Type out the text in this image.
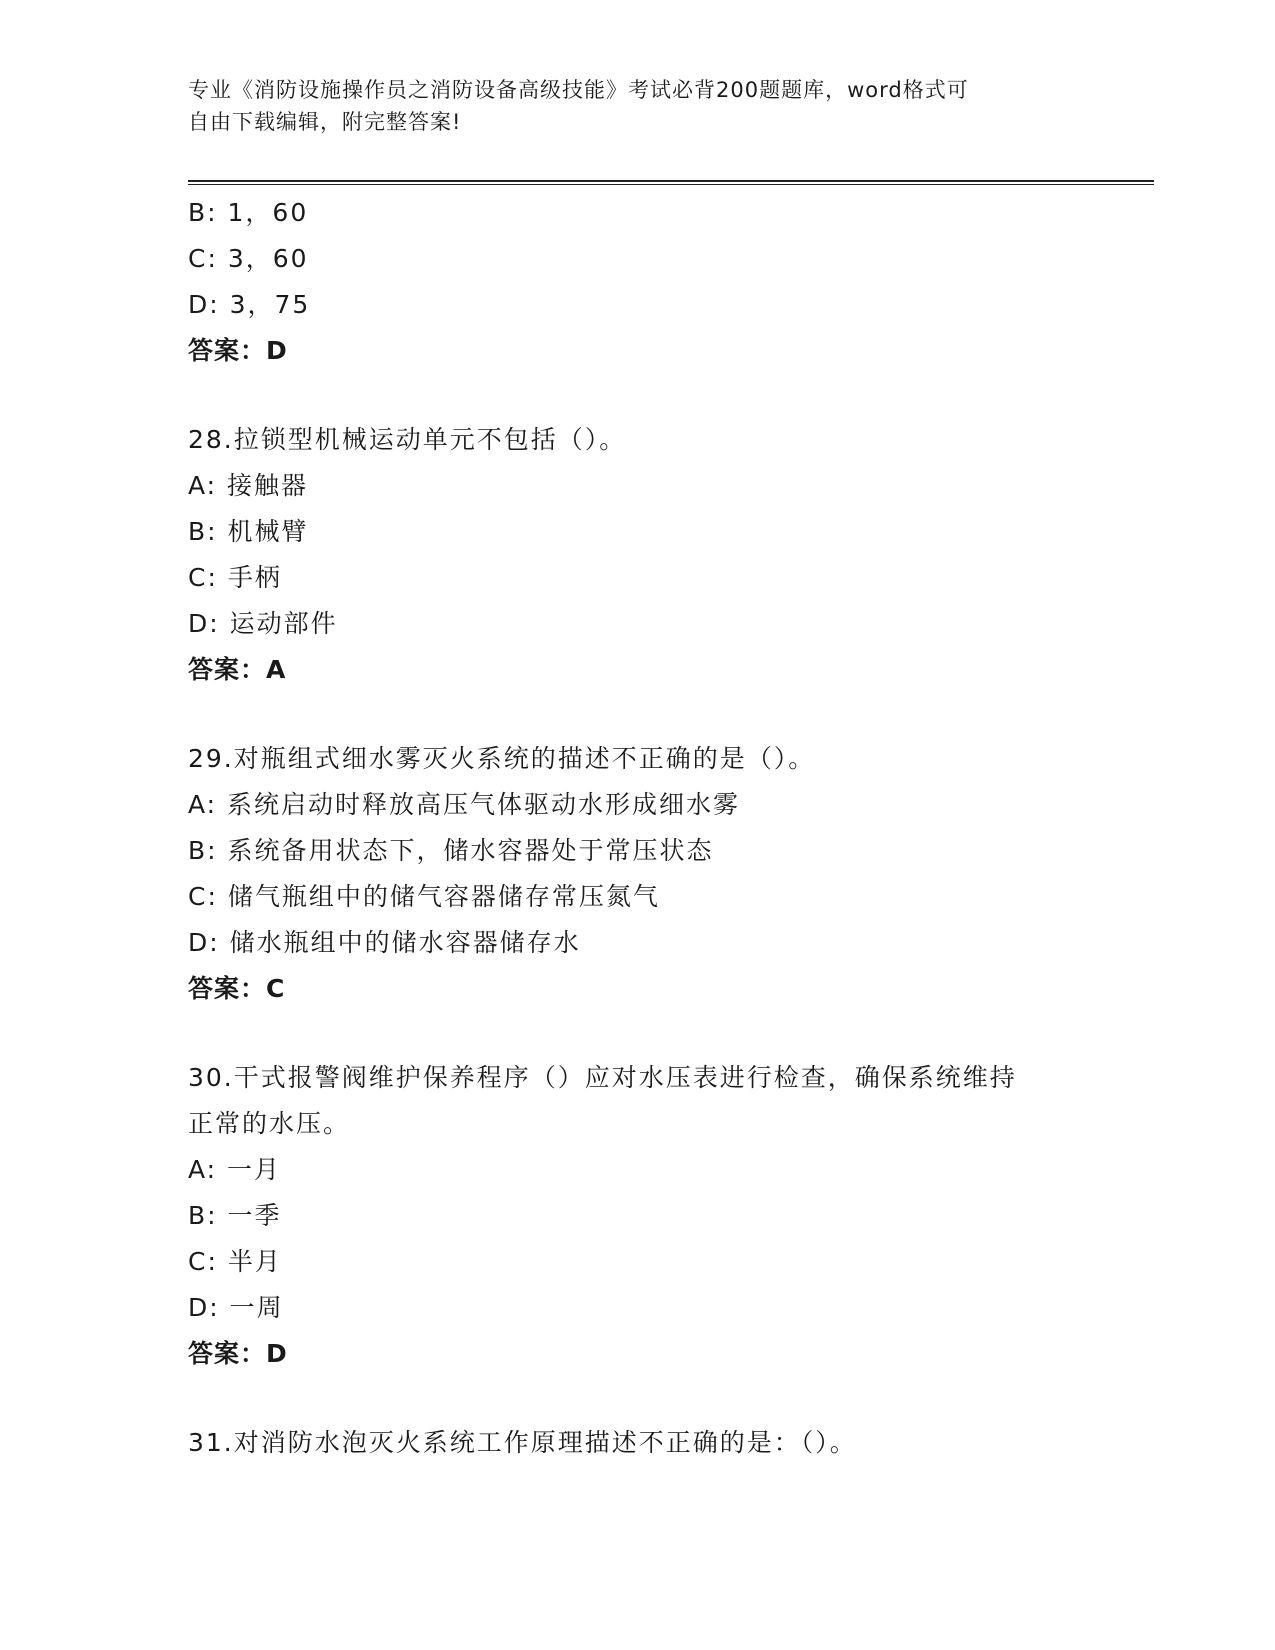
专业《消防设施操作员之消防设备高级技能》考试必背200题题库，word格式可
自由下载编辑，附完整答案!
B: 1，60
C: 3，60
D: 3，75
答案：D
28.拉锁型机械运动单元不包括（）。
A: 接触器
B: 机械臂
C: 手柄
D: 运动部件
答案：A
29.对瓶组式细水雾灭火系统的描述不正确的是（）。
A: 系统启动时释放高压气体驱动水形成细水雾
B: 系统备用状态下，储水容器处于常压状态
C: 储气瓶组中的储气容器储存常压氮气
D: 储水瓶组中的储水容器储存水
答案：C
30.干式报警阀维护保养程序（）应对水压表进行检查，确保系统维持
正常的水压。
A: 一月
B: 一季
C: 半月
D: 一周
答案：D
31.对消防水泡灭火系统工作原理描述不正确的是：（）。
